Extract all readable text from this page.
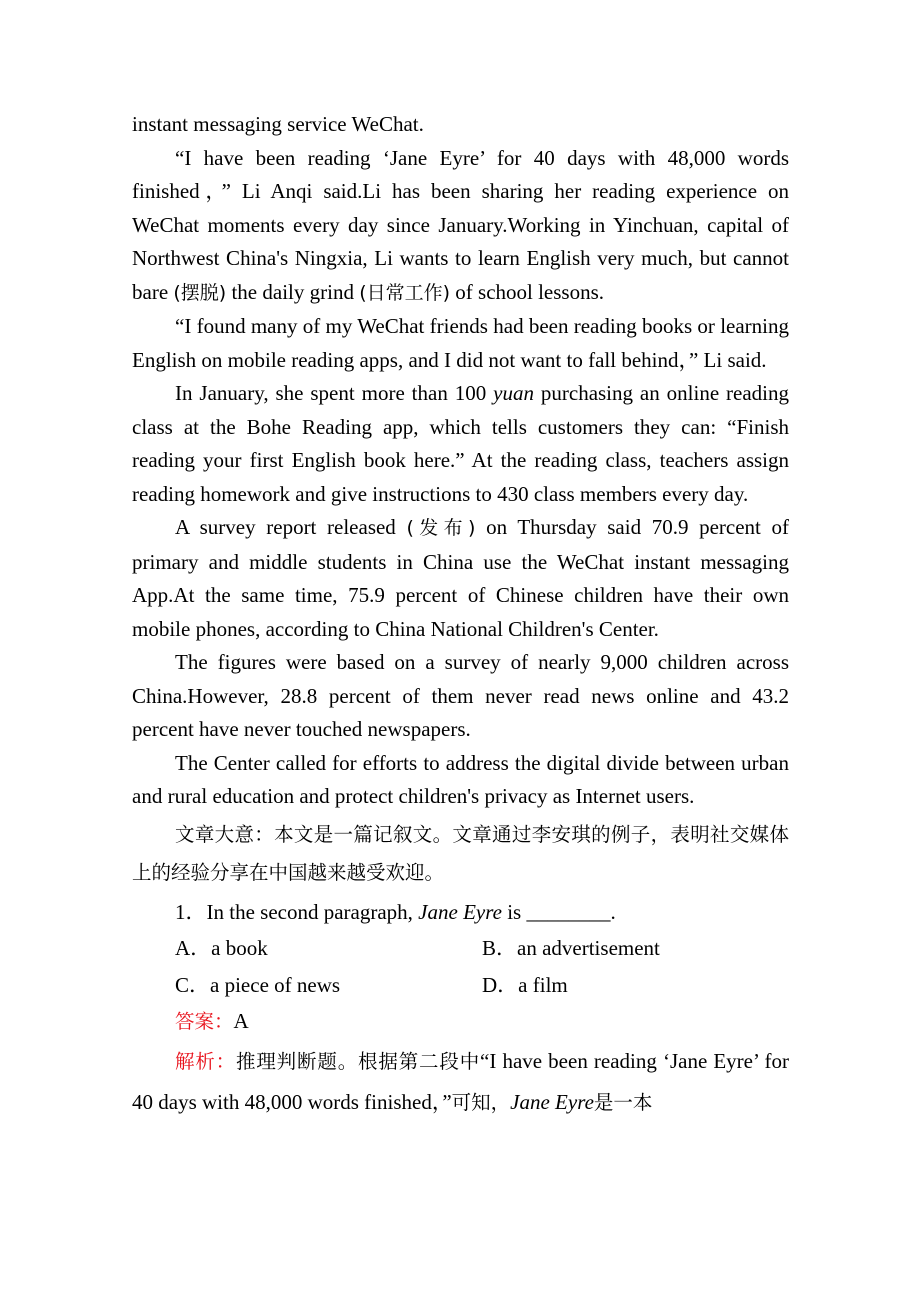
instant messaging service WeChat.

“I have been reading ‘Jane Eyre’ for 40 days with 48,000 words finished，” Li Anqi said.Li has been sharing her reading experience on WeChat moments every day since January.Working in Yinchuan, capital of Northwest China's Ningxia, Li wants to learn English very much, but cannot bare (摆脱) the daily grind (日常工作) of school lessons.

“I found many of my WeChat friends had been reading books or learning English on mobile reading apps, and I did not want to fall behind，” Li said.

In January, she spent more than 100 yuan purchasing an online reading class at the Bohe Reading app, which tells customers they can: “Finish reading your first English book here.” At the reading class, teachers assign reading homework and give instructions to 430 class members every day.

A survey report released (发布) on Thursday said 70.9 percent of primary and middle students in China use the WeChat instant messaging App.At the same time, 75.9 percent of Chinese children have their own mobile phones, according to China National Children's Center.

The figures were based on a survey of nearly 9,000 children across China.However, 28.8 percent of them never read news online and 43.2 percent have never touched newspapers.

The Center called for efforts to address the digital divide between urban and rural education and protect children's privacy as Internet users.

文章大意：本文是一篇记叙文。文章通过李安琪的例子，表明社交媒体上的经验分享在中国越来越受欢迎。

1．In the second paragraph, Jane Eyre is ________.
A．a book	B．an advertisement
C．a piece of news	D．a film
答案：A

解析：推理判断题。根据第二段中“I have been reading ‘Jane Eyre’ for 40 days with 48,000 words finished，”可知，Jane Eyre是一本
